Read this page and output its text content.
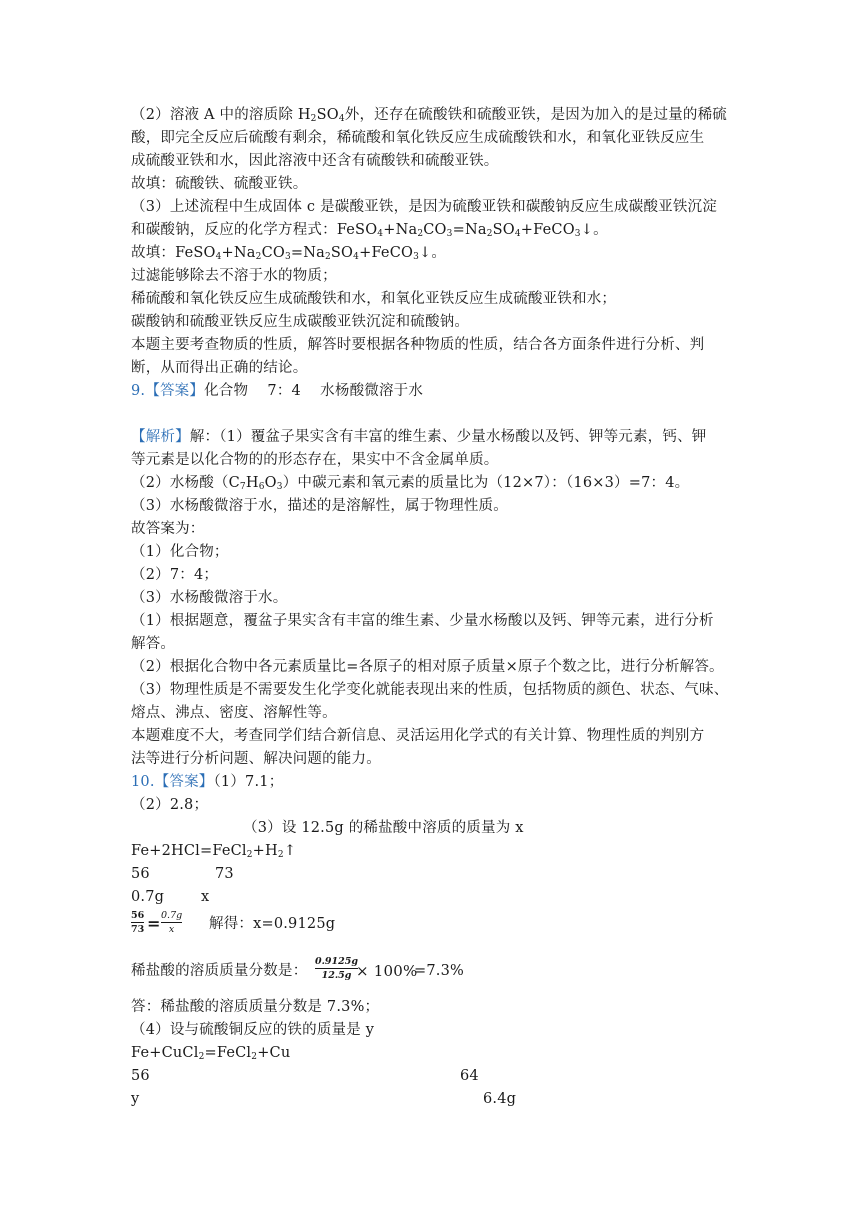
（2）溶液 A 中的溶质除 $H_2SO_4$外，还存在硫酸铁和硫酸亚铁，是因为加入的是过量的稀硫
酸，即完全反应后硫酸有剩余，稀硫酸和氧化铁反应生成硫酸铁和水，和氧化亚铁反应生
成硫酸亚铁和水，因此溶液中还含有硫酸铁和硫酸亚铁。
故填：硫酸铁、硫酸亚铁。
（3）上述流程中生成固体 c 是碳酸亚铁，是因为硫酸亚铁和碳酸钠反应生成碳酸亚铁沉淀
和碳酸钠，反应的化学方程式：$FeSO_4+Na_2CO_3=Na_2SO_4+FeCO_3↓$。
故填：$FeSO_4+Na_2CO_3=Na_2SO_4+FeCO_3↓$。
过滤能够除去不溶于水的物质；
稀硫酸和氧化铁反应生成硫酸铁和水，和氧化亚铁反应生成硫酸亚铁和水；
碳酸钠和硫酸亚铁反应生成碳酸亚铁沉淀和硫酸钠。
本题主要考查物质的性质，解答时要根据各种物质的性质，结合各方面条件进行分析、判
断，从而得出正确的结论。
9.【答案】化合物    7：4    水杨酸微溶于水
【解析】解：（1）覆盆子果实含有丰富的维生素、少量水杨酸以及钙、钾等元素，钙、钾
等元素是以化合物的的形态存在，果实中不含金属单质。
（2）水杨酸$(C_7H_6O_3)$中碳元素和氧元素的质量比为（12×7）：（16×3）=7：4。
（3）水杨酸微溶于水，描述的是溶解性，属于物理性质。
故答案为：
（1）化合物；
（2）7：4；
（3）水杨酸微溶于水。
（1）根据题意，覆盆子果实含有丰富的维生素、少量水杨酸以及钙、钾等元素，进行分析
解答。
（2）根据化合物中各元素质量比=各原子的相对原子质量×原子个数之比，进行分析解答。
（3）物理性质是不需要发生化学变化就能表现出来的性质，包括物质的颜色、状态、气味、
熔点、沸点、密度、溶解性等。
本题难度不大，考查同学们结合新信息、灵活运用化学式的有关计算、物理性质的判别方
法等进行分析问题、解决问题的能力。
10.【答案】（1）7.1；
（2）2.8；
（3）设 12.5g 的稀盐酸中溶质的质量为 x
$Fe+2HCl=FeCl_2+H_2↑$
56	73
0.7g	x
56
73 = 0.7g
x 解得：x=0.9125g
稀盐酸的溶质质量分数是：
0.9125g
12.5g × 100%
=7.3%
答：稀盐酸的溶质质量分数是 7.3%；
（4）设与硫酸铜反应的铁的质量是 y
Fe+CuCl$_2$=FeCl$_2$+Cu
56	64
y	6.4g
